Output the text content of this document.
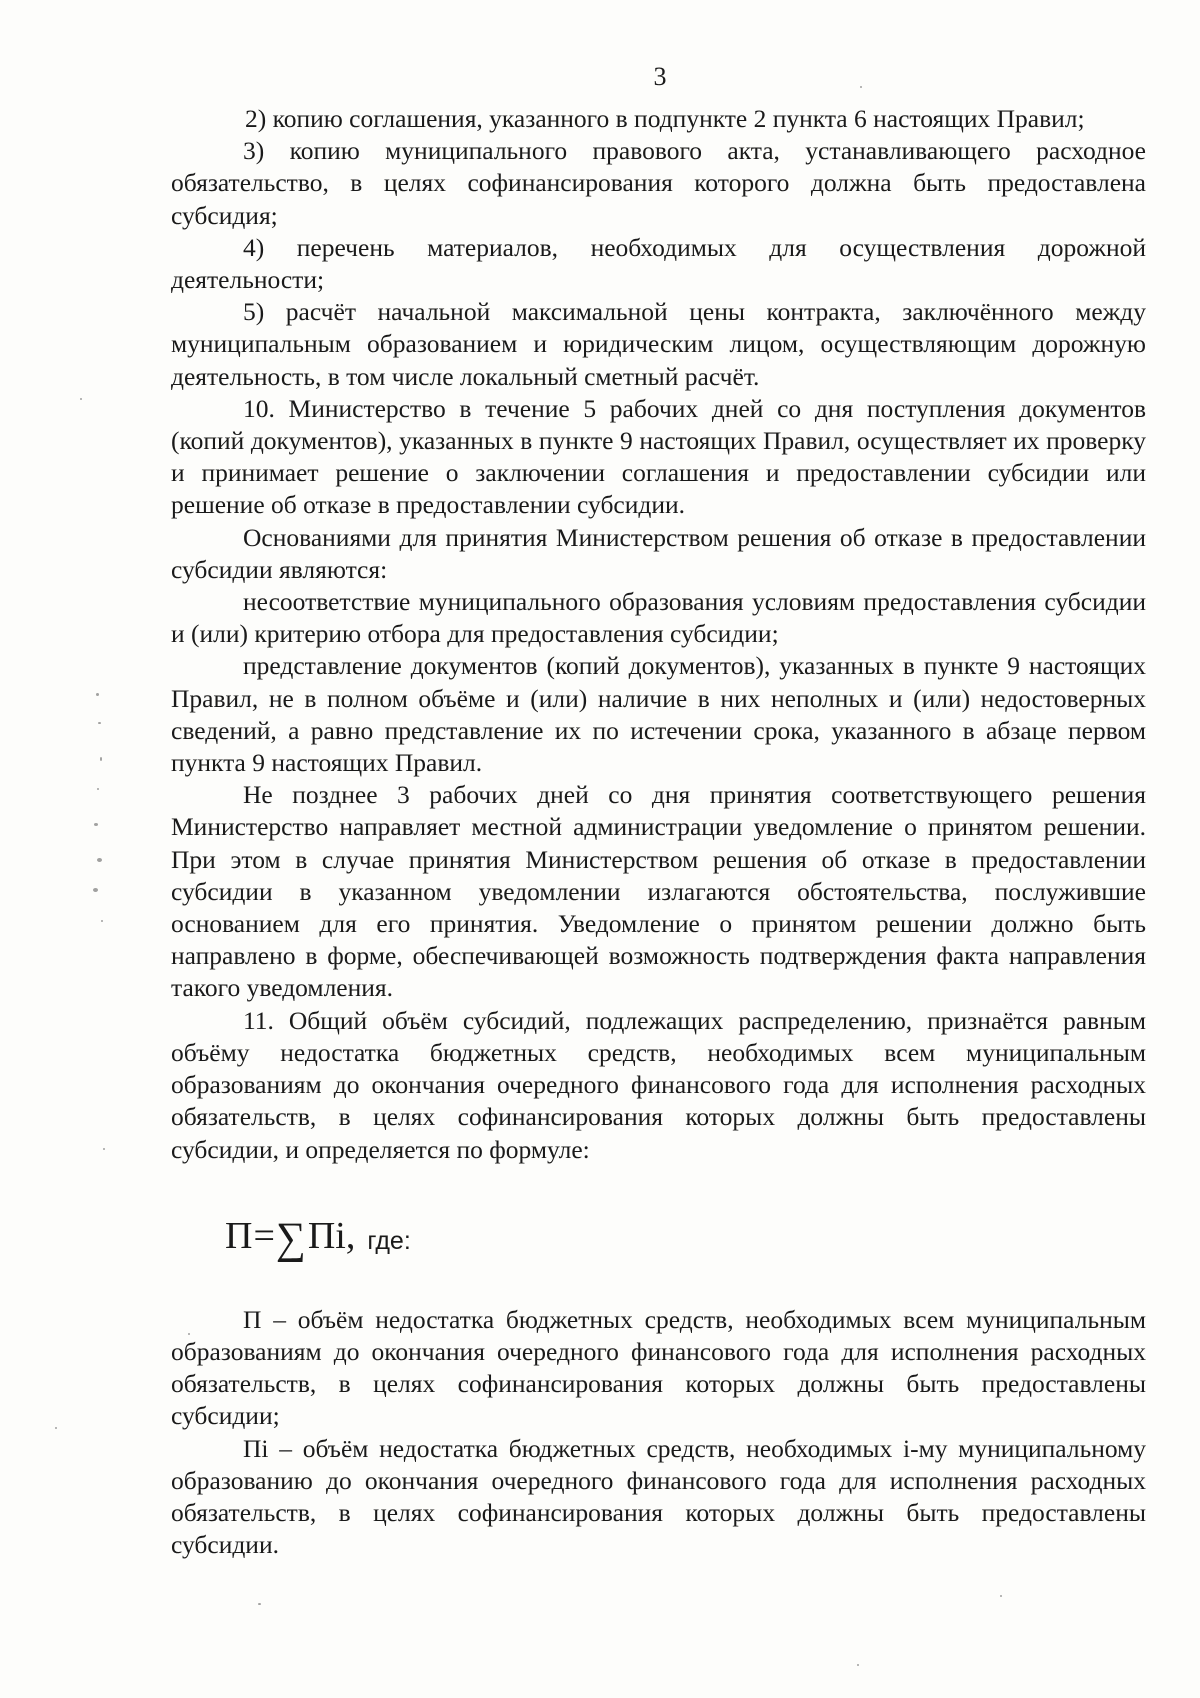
3

2) копию соглашения, указанного в подпункте 2 пункта 6 настоящих Правил;

3) копию муниципального правового акта, устанавливающего расходное обязательство, в целях софинансирования которого должна быть предоставлена субсидия;

4) перечень материалов, необходимых для осуществления дорожной деятельности;

5) расчёт начальной максимальной цены контракта, заключённого между муниципальным образованием и юридическим лицом, осуществляющим дорожную деятельность, в том числе локальный сметный расчёт.

10. Министерство в течение 5 рабочих дней со дня поступления документов (копий документов), указанных в пункте 9 настоящих Правил, осуществляет их проверку и принимает решение о заключении соглашения и предоставлении субсидии или решение об отказе в предоставлении субсидии.

Основаниями для принятия Министерством решения об отказе в предоставлении субсидии являются:

несоответствие муниципального образования условиям предоставления субсидии и (или) критерию отбора для предоставления субсидии;

представление документов (копий документов), указанных в пункте 9 настоящих Правил, не в полном объёме и (или) наличие в них неполных и (или) недостоверных сведений, а равно представление их по истечении срока, указанного в абзаце первом пункта 9 настоящих Правил.

Не позднее 3 рабочих дней со дня принятия соответствующего решения Министерство направляет местной администрации уведомление о принятом решении. При этом в случае принятия Министерством решения об отказе в предоставлении субсидии в указанном уведомлении излагаются обстоятельства, послужившие основанием для его принятия. Уведомление о принятом решении должно быть направлено в форме, обеспечивающей возможность подтверждения факта направления такого уведомления.

11. Общий объём субсидий, подлежащих распределению, признаётся равным объёму недостатка бюджетных средств, необходимых всем муниципальным образованиям до окончания очередного финансового года для исполнения расходных обязательств, в целях софинансирования которых должны быть предоставлены субсидии, и определяется по формуле:

П = ∑ Пі , где:

П – объём недостатка бюджетных средств, необходимых всем муниципальным образованиям до окончания очередного финансового года для исполнения расходных обязательств, в целях софинансирования которых должны быть предоставлены субсидии;

Пі – объём недостатка бюджетных средств, необходимых і-му муниципальному образованию до окончания очередного финансового года для исполнения расходных обязательств, в целях софинансирования которых должны быть предоставлены субсидии.
